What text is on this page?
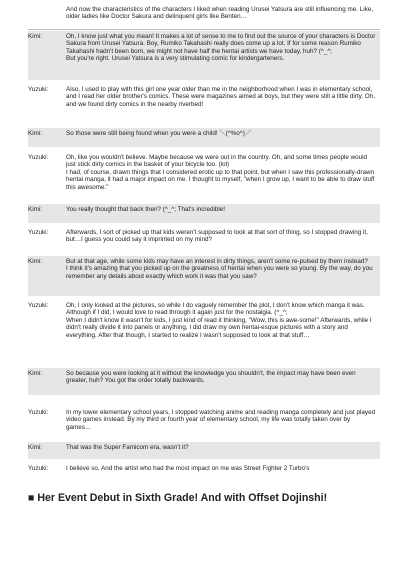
And now the characteristics of the characters I liked when reading Urusei Yatsura are still influencing me. Like, older ladies like Doctor Sakura and delinquent girls like Benten…
Kimi:	Oh, I know just what you mean! It makes a lot of sense to me to find out the source of your characters is Doctor Sakura from Urusei Yatsura. Boy, Rumiko Takahashi really does come up a lot. If for some reason Rumiko Takahashi hadn't been born, we might not have half the hentai artists we have today, huh? (^_^;
But you're right. Urusei Yatsura is a very stimulating comic for kindergarteners.
Yuzuki:	Also, I used to play with this girl one year older than me in the neighborhood when I was in elementary school, and I read her older brother's comics. These were magazines aimed at boys, but they were still a little dirty. Oh, and we found dirty comics in the nearby riverbed!
Kimi:	So those were still being found when you were a child! ＼(^%o^)／
Yuzuki:	Oh, like you wouldn't believe. Maybe because we were out in the country. Oh, and some times people would just stick dirty comics in the basket of your bicycle too. (lol)
I had, of course, drawn things that I considered erotic up to that point, but when I saw this professionally-drawn hentai manga, it had a major impact on me. I thought to myself, "when I grow up, I want to be able to draw stuff this awesome."
Kimi:	You really thought that back then? (^_^; That's incredible!
Yuzuki:	Afterwards, I sort of picked up that kids weren't supposed to look at that sort of thing, so I stopped drawing it, but…I guess you could say it imprinted on my mind?
Kimi:	But at that age, while some kids may have an interest in dirty things, aren't some re-pulsed by them instead?
I think it's amazing that you picked up on the greatness of hentai when you were so young. By the way, do you remember any details about exactly which work it was that you saw?
Yuzuki:	Oh, I only looked at the pictures, so while I do vaguely remember the plot, I don't know which manga it was. Although if I did, I would love to read through it again just for the nostalgia. (^_^;
When I didn't know it wasn't for kids, I just kind of read it thinking, "Wow, this is awe-some!" Afterwards, while I didn't really divide it into panels or anything, I did draw my own hentai-esque pictures with a story and everything. After that though, I started to realize I wasn't supposed to look at that stuff…
Kimi:	So because you were looking at it without the knowledge you shouldn't, the impact may have been even greater, huh? You got the order totally backwards.
■ Her Event Debut in Sixth Grade! And with Offset Dojinshi!
Yuzuki:	In my lower elementary school years, I stopped watching anime and reading manga completely and just played video games instead. By my third or fourth year of elementary school, my life was totally taken over by games…
Kimi:	That was the Super Famicom era, wasn't it?
Yuzuki:	I believe so. And the artist who had the most impact on me was Street Fighter 2 Turbo's
